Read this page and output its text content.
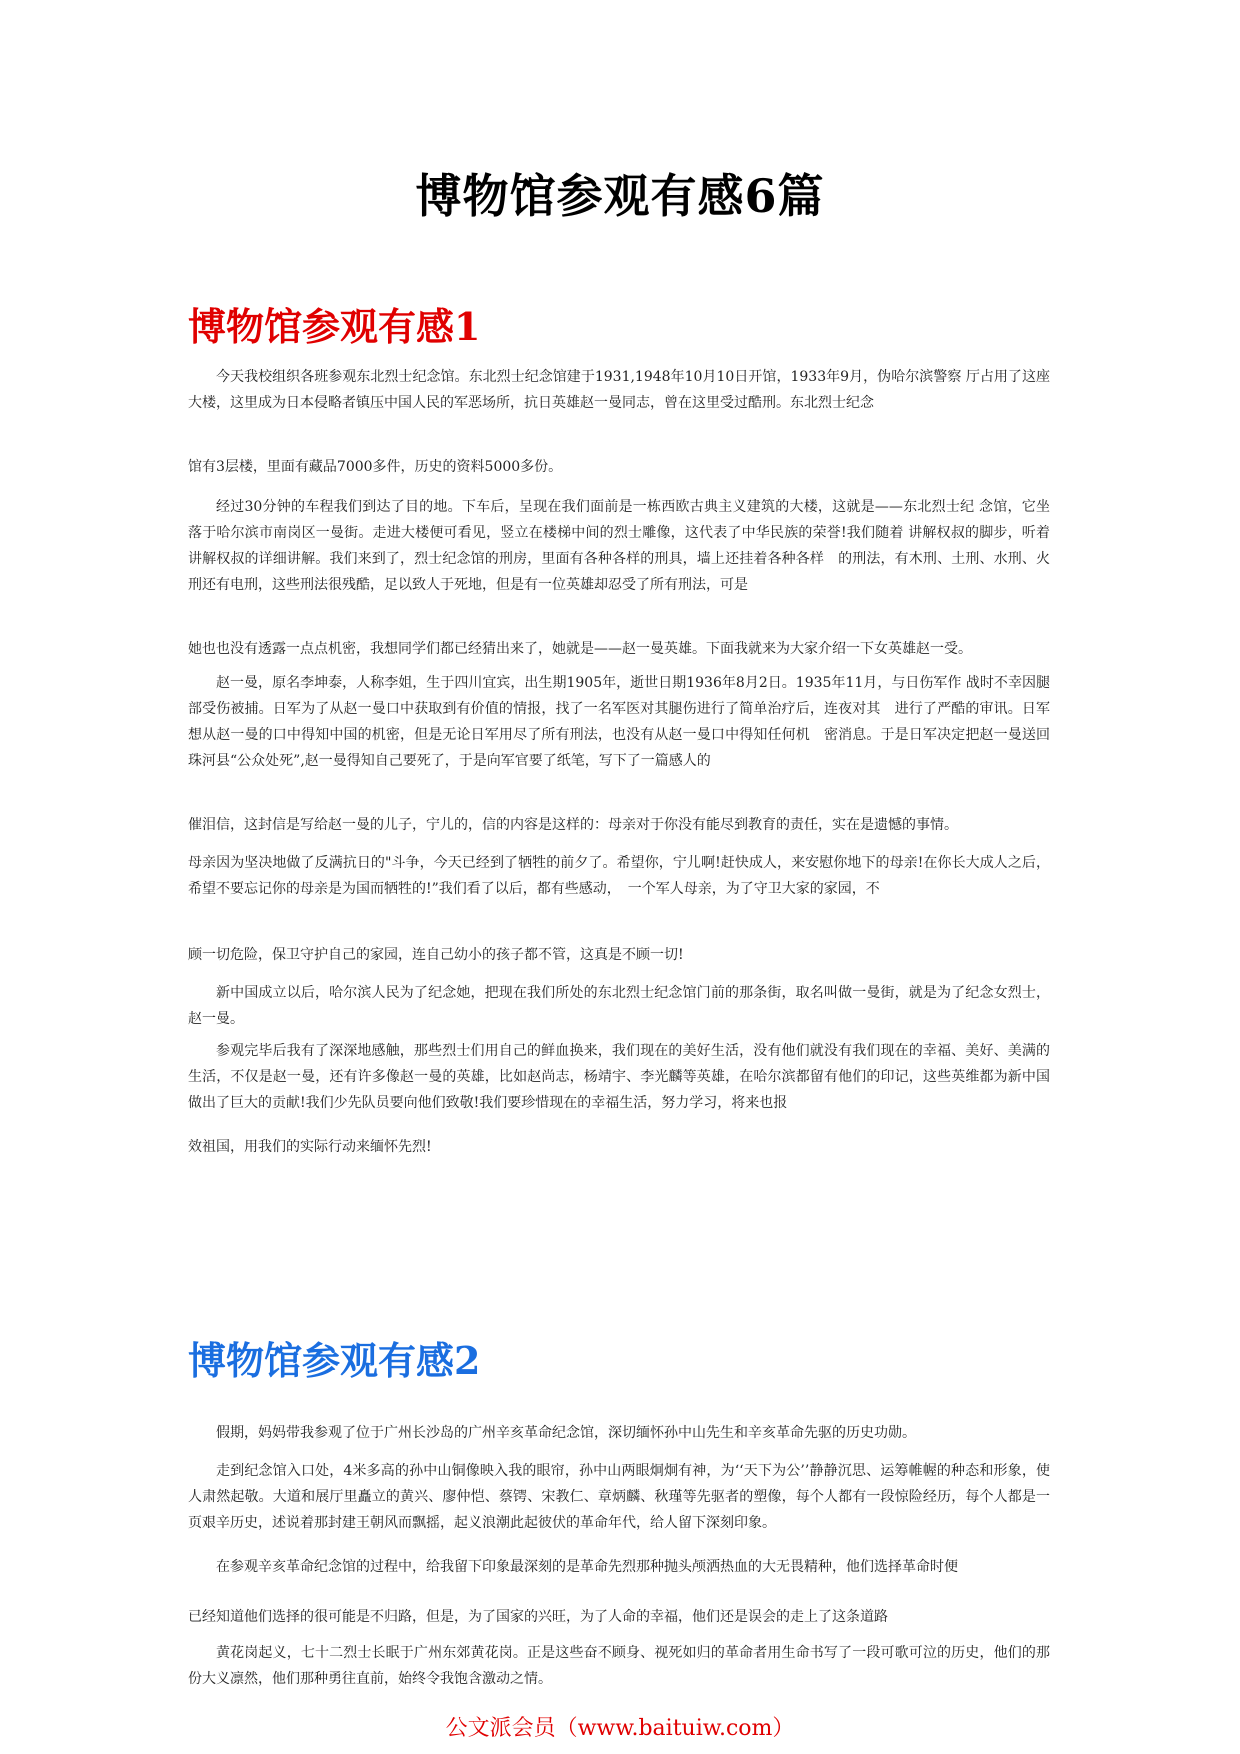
博物馆参观有感6篇
博物馆参观有感1

今天我校组织各班参观东北烈士纪念馆。东北烈士纪念馆建于1931,1948年10月10日开馆，1933年9月，伪哈尔滨警察 厅占用了这座大楼，这里成为日本侵略者镇压中国人民的军恶场所，抗日英雄赵一曼同志，曾在这里受过酷刑。东北烈士纪念

馆有3层楼，里面有藏品7000多件，历史的资料5000多份。

经过30分钟的车程我们到达了目的地。下车后，呈现在我们面前是一栋西欧古典主义建筑的大楼，这就是——东北烈士纪 念馆，它坐落于哈尔滨市南岗区一曼街。走进大楼便可看见，竖立在楼梯中间的烈士雕像，这代表了中华民族的荣誉!我们随着 讲解权叔的脚步，听着讲解权叔的详细讲解。我们来到了，烈士纪念馆的刑房，里面有各种各样的刑具，墙上还挂着各种各样　的刑法，有木刑、土刑、水刑、火刑还有电刑，这些刑法很残酷，足以致人于死地，但是有一位英雄却忍受了所有刑法，可是

她也也没有透露一点点机密，我想同学们都已经猜出来了，她就是——赵一曼英雄。下面我就来为大家介绍一下女英雄赵一受。

赵一曼，原名李坤泰，人称李姐，生于四川宜宾，出生期1905年，逝世日期1936年8月2日。1935年11月，与日伤军作 战时不幸因腿部受伤被捕。日军为了从赵一曼口中获取到有价值的情报，找了一名军医对其腿伤进行了简单治疗后，连夜对其　进行了严酷的审讯。日军想从赵一曼的口中得知中国的机密，但是无论日军用尽了所有刑法，也没有从赵一曼口中得知任何机　密消息。于是日军决定把赵一曼送回珠河县“公众处死”,赵一曼得知自己要死了，于是向军官要了纸笔，写下了一篇感人的

催泪信，这封信是写给赵一曼的儿子，宁儿的，信的内容是这样的：母亲对于你没有能尽到教育的责任，实在是遗憾的事情。

母亲因为坚决地做了反满抗日的"斗争，今天已经到了牺牲的前夕了。希望你，宁儿啊!赶快成人，来安慰你地下的母亲!在你长大成人之后，希望不要忘记你的母亲是为国而牺牲的!”我们看了以后，都有些感动，　一个军人母亲，为了守卫大家的家园，不

顾一切危险，保卫守护自己的家园，连自己幼小的孩子都不管，这真是不顾一切!

新中国成立以后，哈尔滨人民为了纪念她，把现在我们所处的东北烈士纪念馆门前的那条街，取名叫做一曼街，就是为了纪念女烈士，赵一曼。

参观完毕后我有了深深地感触，那些烈士们用自己的鲜血换来，我们现在的美好生活，没有他们就没有我们现在的幸福、美好、美满的生活，不仅是赵一曼，还有许多像赵一曼的英雄，比如赵尚志，杨靖宇、李光麟等英雄，在哈尔滨都留有他们的印记，这些英维都为新中国做出了巨大的贡献!我们少先队员要向他们致敬!我们要珍惜现在的幸福生活，努力学习，将来也报

效祖国，用我们的实际行动来缅怀先烈!

博物馆参观有感2

假期，妈妈带我参观了位于广州长沙岛的广州辛亥革命纪念馆，深切缅怀孙中山先生和辛亥革命先驱的历史功勋。

走到纪念馆入口处，4米多高的孙中山铜像映入我的眼帘，孙中山两眼炯炯有神，为‘‘天下为公’’静静沉思、运筹帷幄的种态和形象，使人肃然起敬。大道和展厅里矗立的黄兴、廖仲恺、蔡锷、宋教仁、章炳麟、秋瑾等先驱者的塑像，每个人都有一段惊险经历，每个人都是一页艰辛历史，述说着那封建王朝风而飘摇，起义浪潮此起彼伏的革命年代，给人留下深刻印象。

在参观辛亥革命纪念馆的过程中，给我留下印象最深刻的是革命先烈那种抛头颅洒热血的大无畏精种，他们选择革命时便

已经知道他们选择的很可能是不归路，但是，为了国家的兴旺，为了人命的幸福，他们还是误会的走上了这条道路

黄花岗起义，七十二烈士长眠于广州东郊黄花岗。正是这些奋不顾身、视死如归的革命者用生命书写了一段可歌可泣的历史，他们的那份大义凛然，他们那种勇往直前，始终令我饱含激动之情。

公文派会员（www.baituiw.com）
